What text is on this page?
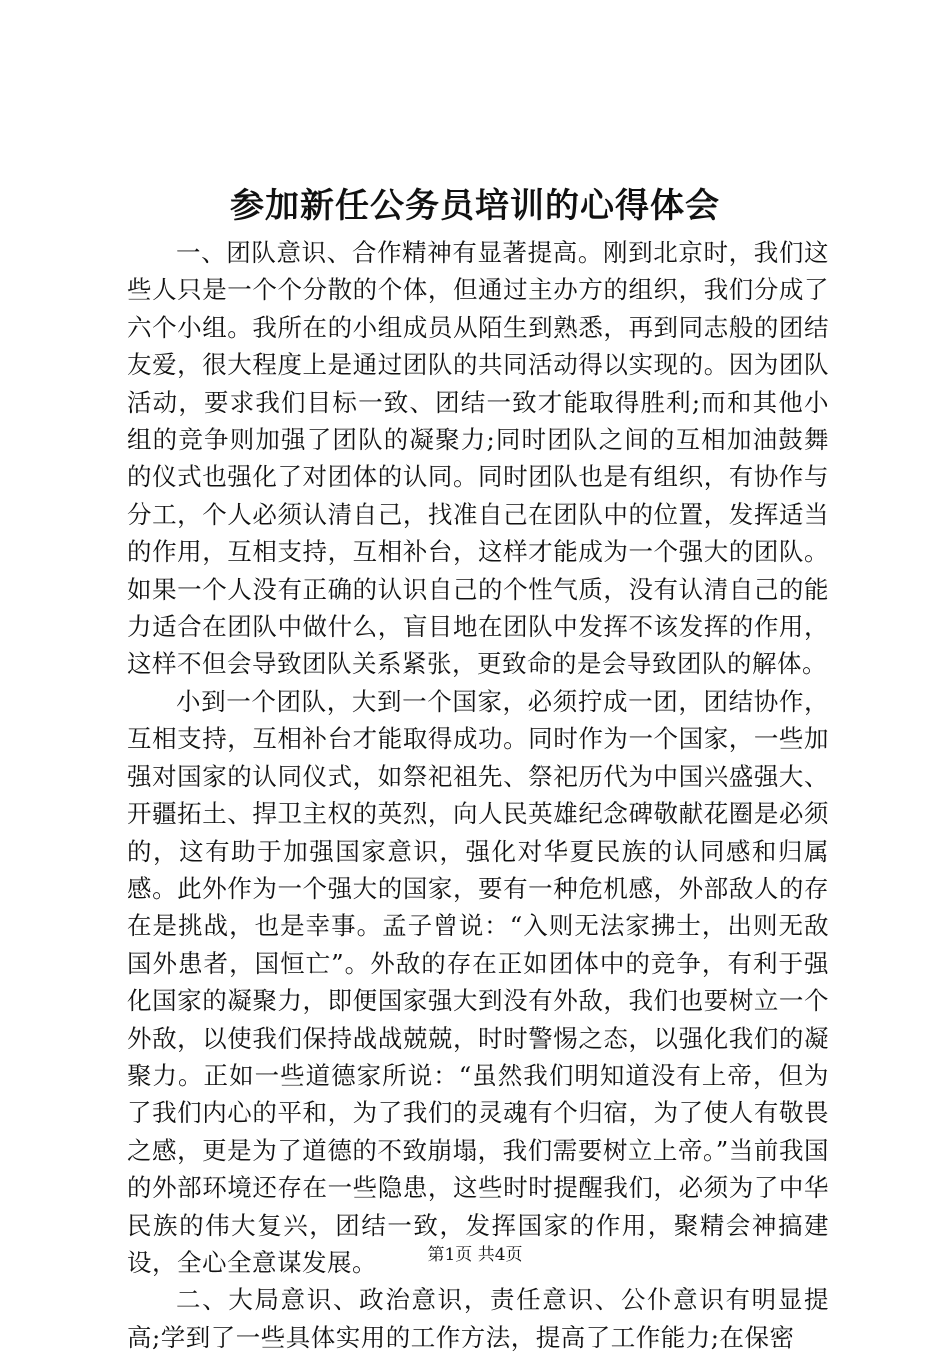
参加新任公务员培训的心得体会

一、团队意识、合作精神有显著提高。刚到北京时，我们这些人只是一个个分散的个体，但通过主办方的组织，我们分成了六个小组。我所在的小组成员从陌生到熟悉，再到同志般的团结友爱，很大程度上是通过团队的共同活动得以实现的。因为团队活动，要求我们目标一致、团结一致才能取得胜利;而和其他小组的竞争则加强了团队的凝聚力;同时团队之间的互相加油鼓舞的仪式也强化了对团体的认同。同时团队也是有组织，有协作与分工，个人必须认清自己，找准自己在团队中的位置，发挥适当的作用，互相支持，互相补台，这样才能成为一个强大的团队。如果一个人没有正确的认识自己的个性气质，没有认清自己的能力适合在团队中做什么，盲目地在团队中发挥不该发挥的作用，这样不但会导致团队关系紧张，更致命的是会导致团队的解体。

小到一个团队，大到一个国家，必须拧成一团，团结协作，互相支持，互相补台才能取得成功。同时作为一个国家，一些加强对国家的认同仪式，如祭祀祖先、祭祀历代为中国兴盛强大、开疆拓土、捍卫主权的英烈，向人民英雄纪念碑敬献花圈是必须的，这有助于加强国家意识，强化对华夏民族的认同感和归属感。此外作为一个强大的国家，要有一种危机感，外部敌人的存在是挑战，也是幸事。孟子曾说：“入则无法家拂士，出则无敌国外患者，国恒亡”。外敌的存在正如团体中的竞争，有利于强化国家的凝聚力，即便国家强大到没有外敌，我们也要树立一个外敌，以使我们保持战战兢兢，时时警惕之态，以强化我们的凝聚力。正如一些道德家所说：“虽然我们明知道没有上帝，但为了我们内心的平和，为了我们的灵魂有个归宿，为了使人有敬畏之感，更是为了道德的不致崩塌，我们需要树立上帝。”当前我国的外部环境还存在一些隐患，这些时时提醒我们，必须为了中华民族的伟大复兴，团结一致，发挥国家的作用，聚精会神搞建设，全心全意谋发展。

二、大局意识、政治意识，责任意识、公仆意识有明显提高;学到了一些具体实用的工作方法，提高了工作能力;在保密

第1页 共4页
